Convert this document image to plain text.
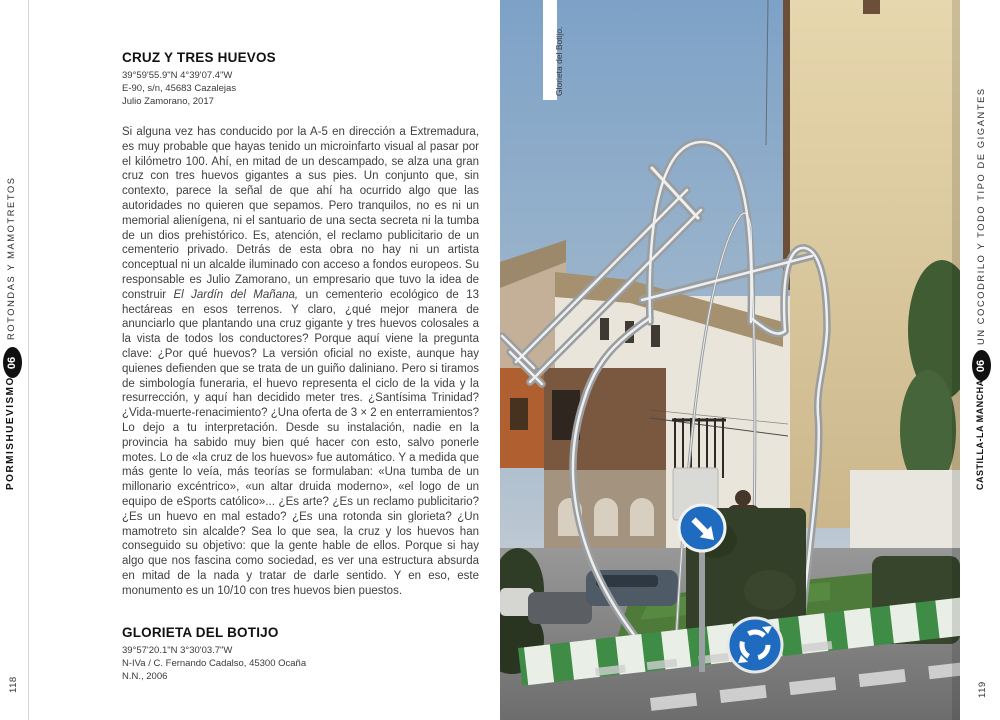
ROTONDAS Y MAMOTRETOS
06
PORMISHUEVISMO
118
UN COCODRILO Y TODO TIPO DE GIGANTES
06
CASTILLA-LA MANCHA
119
CRUZ Y TRES HUEVOS

39°59'55.9"N 4°39'07.4"W

E-90, s/n, 45683 Cazalejas

Julio Zamorano, 2017

Si alguna vez has conducido por la A-5 en dirección a Extremadura, es muy probable que hayas tenido un microinfarto visual al pasar por el kilómetro 100. Ahí, en mitad de un descampado, se alza una gran cruz con tres huevos gigantes a sus pies. Un conjunto que, sin contexto, parece la señal de que ahí ha ocurrido algo que las autoridades no quieren que sepamos. Pero tranquilos, no es ni un memorial alienígena, ni el santuario de una secta secreta ni la tumba de un dios prehistórico. Es, atención, el reclamo publicitario de un cementerio privado. Detrás de esta obra no hay ni un artista conceptual ni un alcalde iluminado con acceso a fondos europeos. Su responsable es Julio Zamorano, un empresario que tuvo la idea de construir El Jardín del Mañana, un cementerio ecológico de 13 hectáreas en esos terrenos. Y claro, ¿qué mejor manera de anunciarlo que plantando una cruz gigante y tres huevos colosales a la vista de todos los conductores? Porque aquí viene la pregunta clave: ¿Por qué huevos? La versión oficial no existe, aunque hay quienes defienden que se trata de un guiño daliniano. Pero si tiramos de simbología funeraria, el huevo representa el ciclo de la vida y la resurrección, y aquí han decidido meter tres. ¿Santísima Trinidad? ¿Vida-muerte-renacimiento? ¿Una oferta de 3 × 2 en enterramientos? Lo dejo a tu interpretación. Desde su instalación, nadie en la provincia ha sabido muy bien qué hacer con esto, salvo ponerle motes. Lo de «la cruz de los huevos» fue automático. Y a medida que más gente lo veía, más teorías se formulaban: «Una tumba de un millonario excéntrico», «un altar druida moderno», «el logo de un equipo de eSports católico»... ¿Es arte? ¿Es un reclamo publicitario? ¿Es un huevo en mal estado? ¿Es una rotonda sin glorieta? ¿Un mamotreto sin alcalde? Sea lo que sea, la cruz y los huevos han conseguido su objetivo: que la gente hable de ellos. Porque si hay algo que nos fascina como sociedad, es ver una estructura absurda en mitad de la nada y tratar de darle sentido. Y en eso, este monumento es un 10/10 con tres huevos bien puestos.

GLORIETA DEL BOTIJO

39°57'20.1"N 3°30'03.7"W

N-IVa / C. Fernando Cadalso, 45300 Ocaña

N.N., 2006

Glorieta del Botijo.
